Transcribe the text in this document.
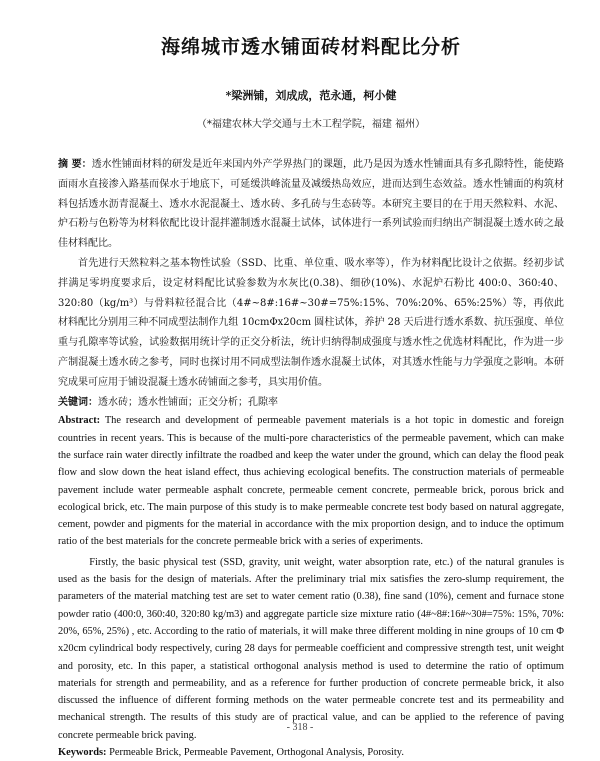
海绵城市透水铺面砖材料配比分析
*梁洲铺，刘成成，范永通，柯小健
（*福建农林大学交通与土木工程学院，福建 福州）
摘 要：透水性铺面材料的研发是近年来国内外产学界热门的课题，此乃是因为透水性铺面具有多孔隙特性，能使路面雨水直接渗入路基而保水于地底下，可延缓洪峰流量及减缓热岛效应，进而达到生态效益。透水性铺面的构筑材料包括透水沥青混凝土、透水水泥混凝土、透水砖、多孔砖与生态砖等。本研究主要目的在于用天然粒料、水泥、炉石粉与色粉等为材料依配比设计混拌灌制透水混凝土试体，试体进行一系列试验而归纳出产制混凝土透水砖之最佳材料配比。
首先进行天然粒料之基本物性试验（SSD、比重、单位重、吸水率等），作为材料配比设计之依据。经初步试拌满足零坍度要求后，设定材料配比试验参数为水灰比(0.38)、细砂(10%)、水泥炉石粉比 400:0、360:40、320:80（kg/m³）与骨料粒径混合比（4#~8#:16#~30#=75%:15%、70%:20%、65%:25%）等，再依此材料配比分别用三种不同成型法制作九组 10cmΦx20cm 圆柱试体，养护 28 天后进行透水系数、抗压强度、单位重与孔隙率等试验，试验数据用统计学的正交分析法，统计归纳得制成强度与透水性之优选材料配比，作为进一步产制混凝土透水砖之参考，同时也探讨用不同成型法制作透水混凝土试体，对其透水性能与力学强度之影响。本研究成果可应用于铺设混凝土透水砖铺面之参考，具实用价值。
关键词：透水砖；透水性铺面；正交分析；孔隙率
Abstract: The research and development of permeable pavement materials is a hot topic in domestic and foreign countries in recent years. This is because of the multi-pore characteristics of the permeable pavement, which can make the surface rain water directly infiltrate the roadbed and keep the water under the ground, which can delay the flood peak flow and slow down the heat island effect, thus achieving ecological benefits. The construction materials of permeable pavement include water permeable asphalt concrete, permeable cement concrete, permeable brick, porous brick and ecological brick, etc. The main purpose of this study is to make permeable concrete test body based on natural aggregate, cement, powder and pigments for the material in accordance with the mix proportion design, and to induce the optimum ratio of the best materials for the concrete permeable brick with a series of experiments.
Firstly, the basic physical test (SSD, gravity, unit weight, water absorption rate, etc.) of the natural granules is used as the basis for the design of materials. After the preliminary trial mix satisfies the zero-slump requirement, the parameters of the material matching test are set to water cement ratio (0.38), fine sand (10%), cement and furnace stone powder ratio (400:0, 360:40, 320:80 kg/m3) and aggregate particle size mixture ratio (4#~8#:16#~30#=75%: 15%, 70%: 20%, 65%, 25%) , etc. According to the ratio of materials, it will make three different molding in nine groups of 10 cm Φ x20cm cylindrical body respectively, curing 28 days for permeable coefficient and compressive strength test, unit weight and porosity, etc. In this paper, a statistical orthogonal analysis method is used to determine the ratio of optimum materials for strength and permeability, and as a reference for further production of concrete permeable brick, it also discussed the influence of different forming methods on the water permeable concrete test and its permeability and mechanical strength. The results of this study are of practical value, and can be applied to the reference of paving concrete permeable brick paving.
Keywords: Permeable Brick, Permeable Pavement, Orthogonal Analysis, Porosity.
- 318 -
